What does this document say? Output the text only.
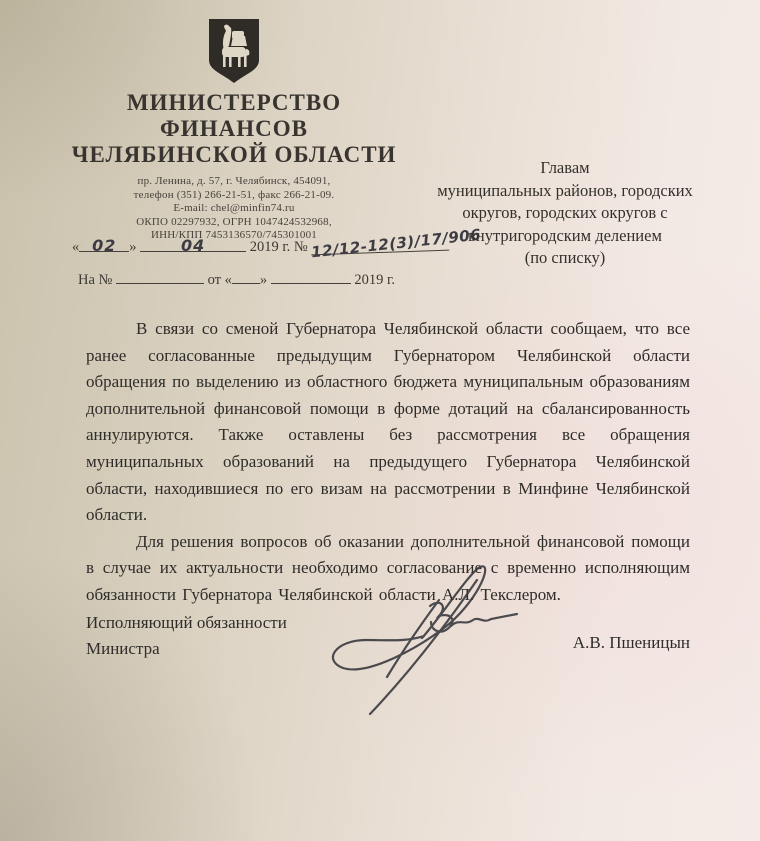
МИНИСТЕРСТВО
ФИНАНСОВ
ЧЕЛЯБИНСКОЙ ОБЛАСТИ
пр. Ленина, д. 57, г. Челябинск, 454091,
телефон (351) 266-21-51, факс 266-21-09.
E-mail: chel@minfin74.ru
ОКПО 02297932, ОГРН 1047424532968,
ИНН/КПП 7453136570/745301001
« 02 »	04	2019 г. № 12/12-12(3)/17/906
На №	от « »	2019 г.
Главам
муниципальных районов, городских
округов, городских округов с
внутригородским делением
(по списку)

В связи со сменой Губернатора Челябинской области сообщаем, что все ранее согласованные предыдущим Губернатором Челябинской области обращения по выделению из областного бюджета муниципальным образованиям дополнительной финансовой помощи в форме дотаций на сбалансированность аннулируются. Также оставлены без рассмотрения все обращения муниципальных образований на предыдущего Губернатора Челябинской области, находившиеся по его визам на рассмотрении в Минфине Челябинской области.

Для решения вопросов об оказании дополнительной финансовой помощи в случае их актуальности необходимо согласование с временно исполняющим обязанности Губернатора Челябинской области А.Л. Текслером.

Исполняющий обязанности
Министра	А.В. Пшеницын
